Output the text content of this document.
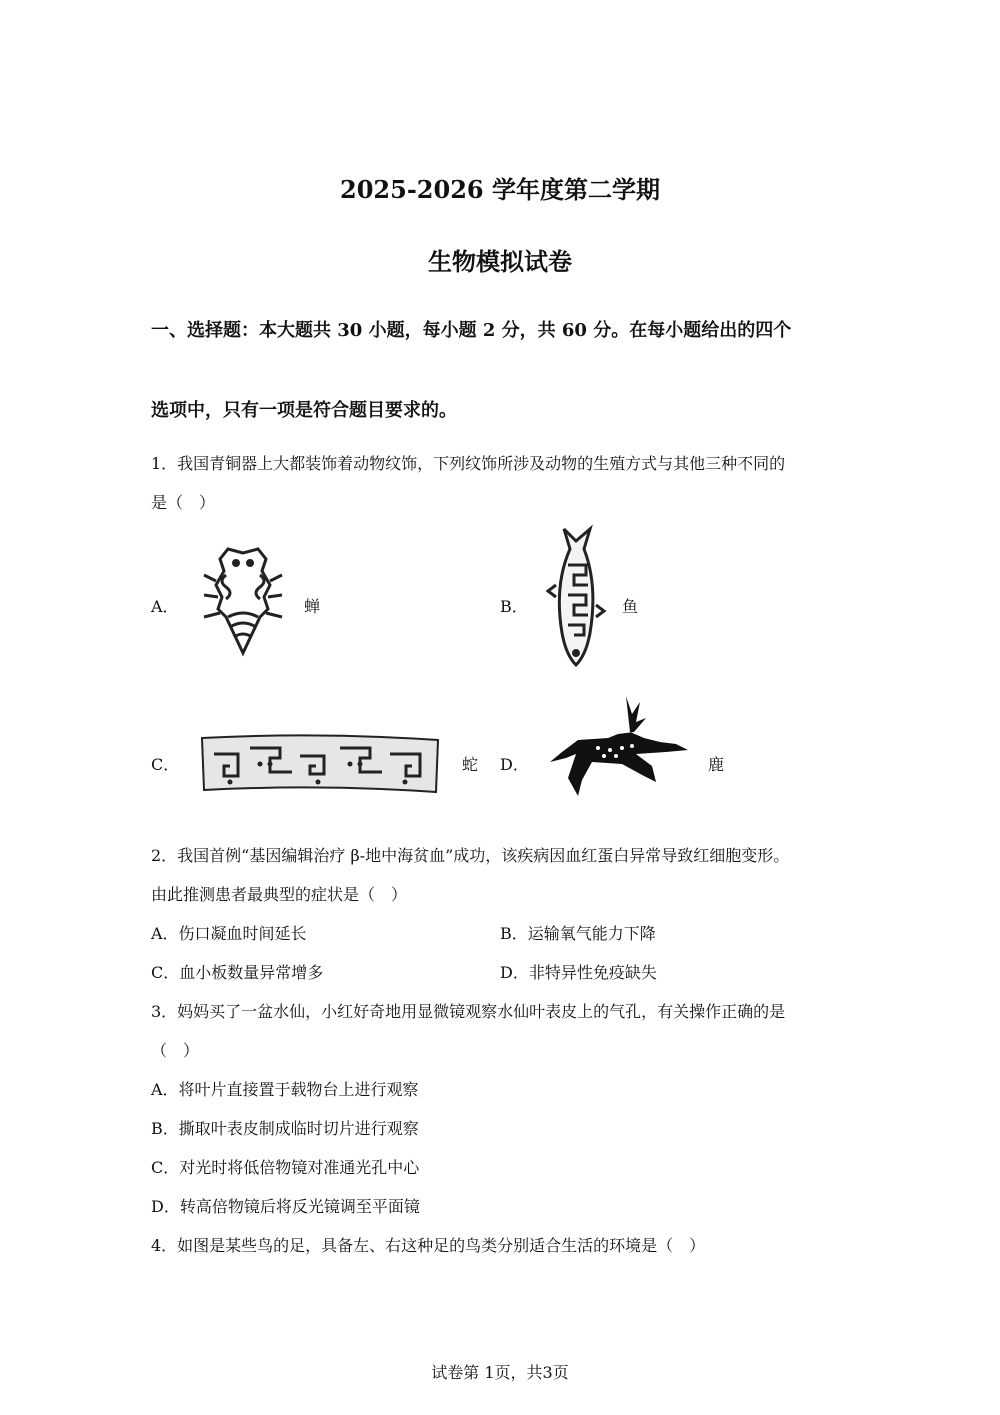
2025-2026 学年度第二学期
生物模拟试卷
一、选择题：本大题共 30 小题，每小题 2 分，共 60 分。在每小题给出的四个
选项中，只有一项是符合题目要求的。
1．我国青铜器上大都装饰着动物纹饰，下列纹饰所涉及动物的生殖方式与其他三种不同的
是（　）
A．	蝉	B．	鱼
C．	蛇 D．	鹿
2．我国首例“基因编辑治疗 β-地中海贫血”成功，该疾病因血红蛋白异常导致红细胞变形。
由此推测患者最典型的症状是（　）
A．伤口凝血时间延长	B．运输氧气能力下降
C．血小板数量异常增多	D．非特异性免疫缺失
3．妈妈买了一盆水仙，小红好奇地用显微镜观察水仙叶表皮上的气孔，有关操作正确的是
（　）
A．将叶片直接置于载物台上进行观察
B．撕取叶表皮制成临时切片进行观察
C．对光时将低倍物镜对准通光孔中心
D．转高倍物镜后将反光镜调至平面镜
4．如图是某些鸟的足，具备左、右这种足的鸟类分别适合生活的环境是（　）
试卷第 1页，共3页
